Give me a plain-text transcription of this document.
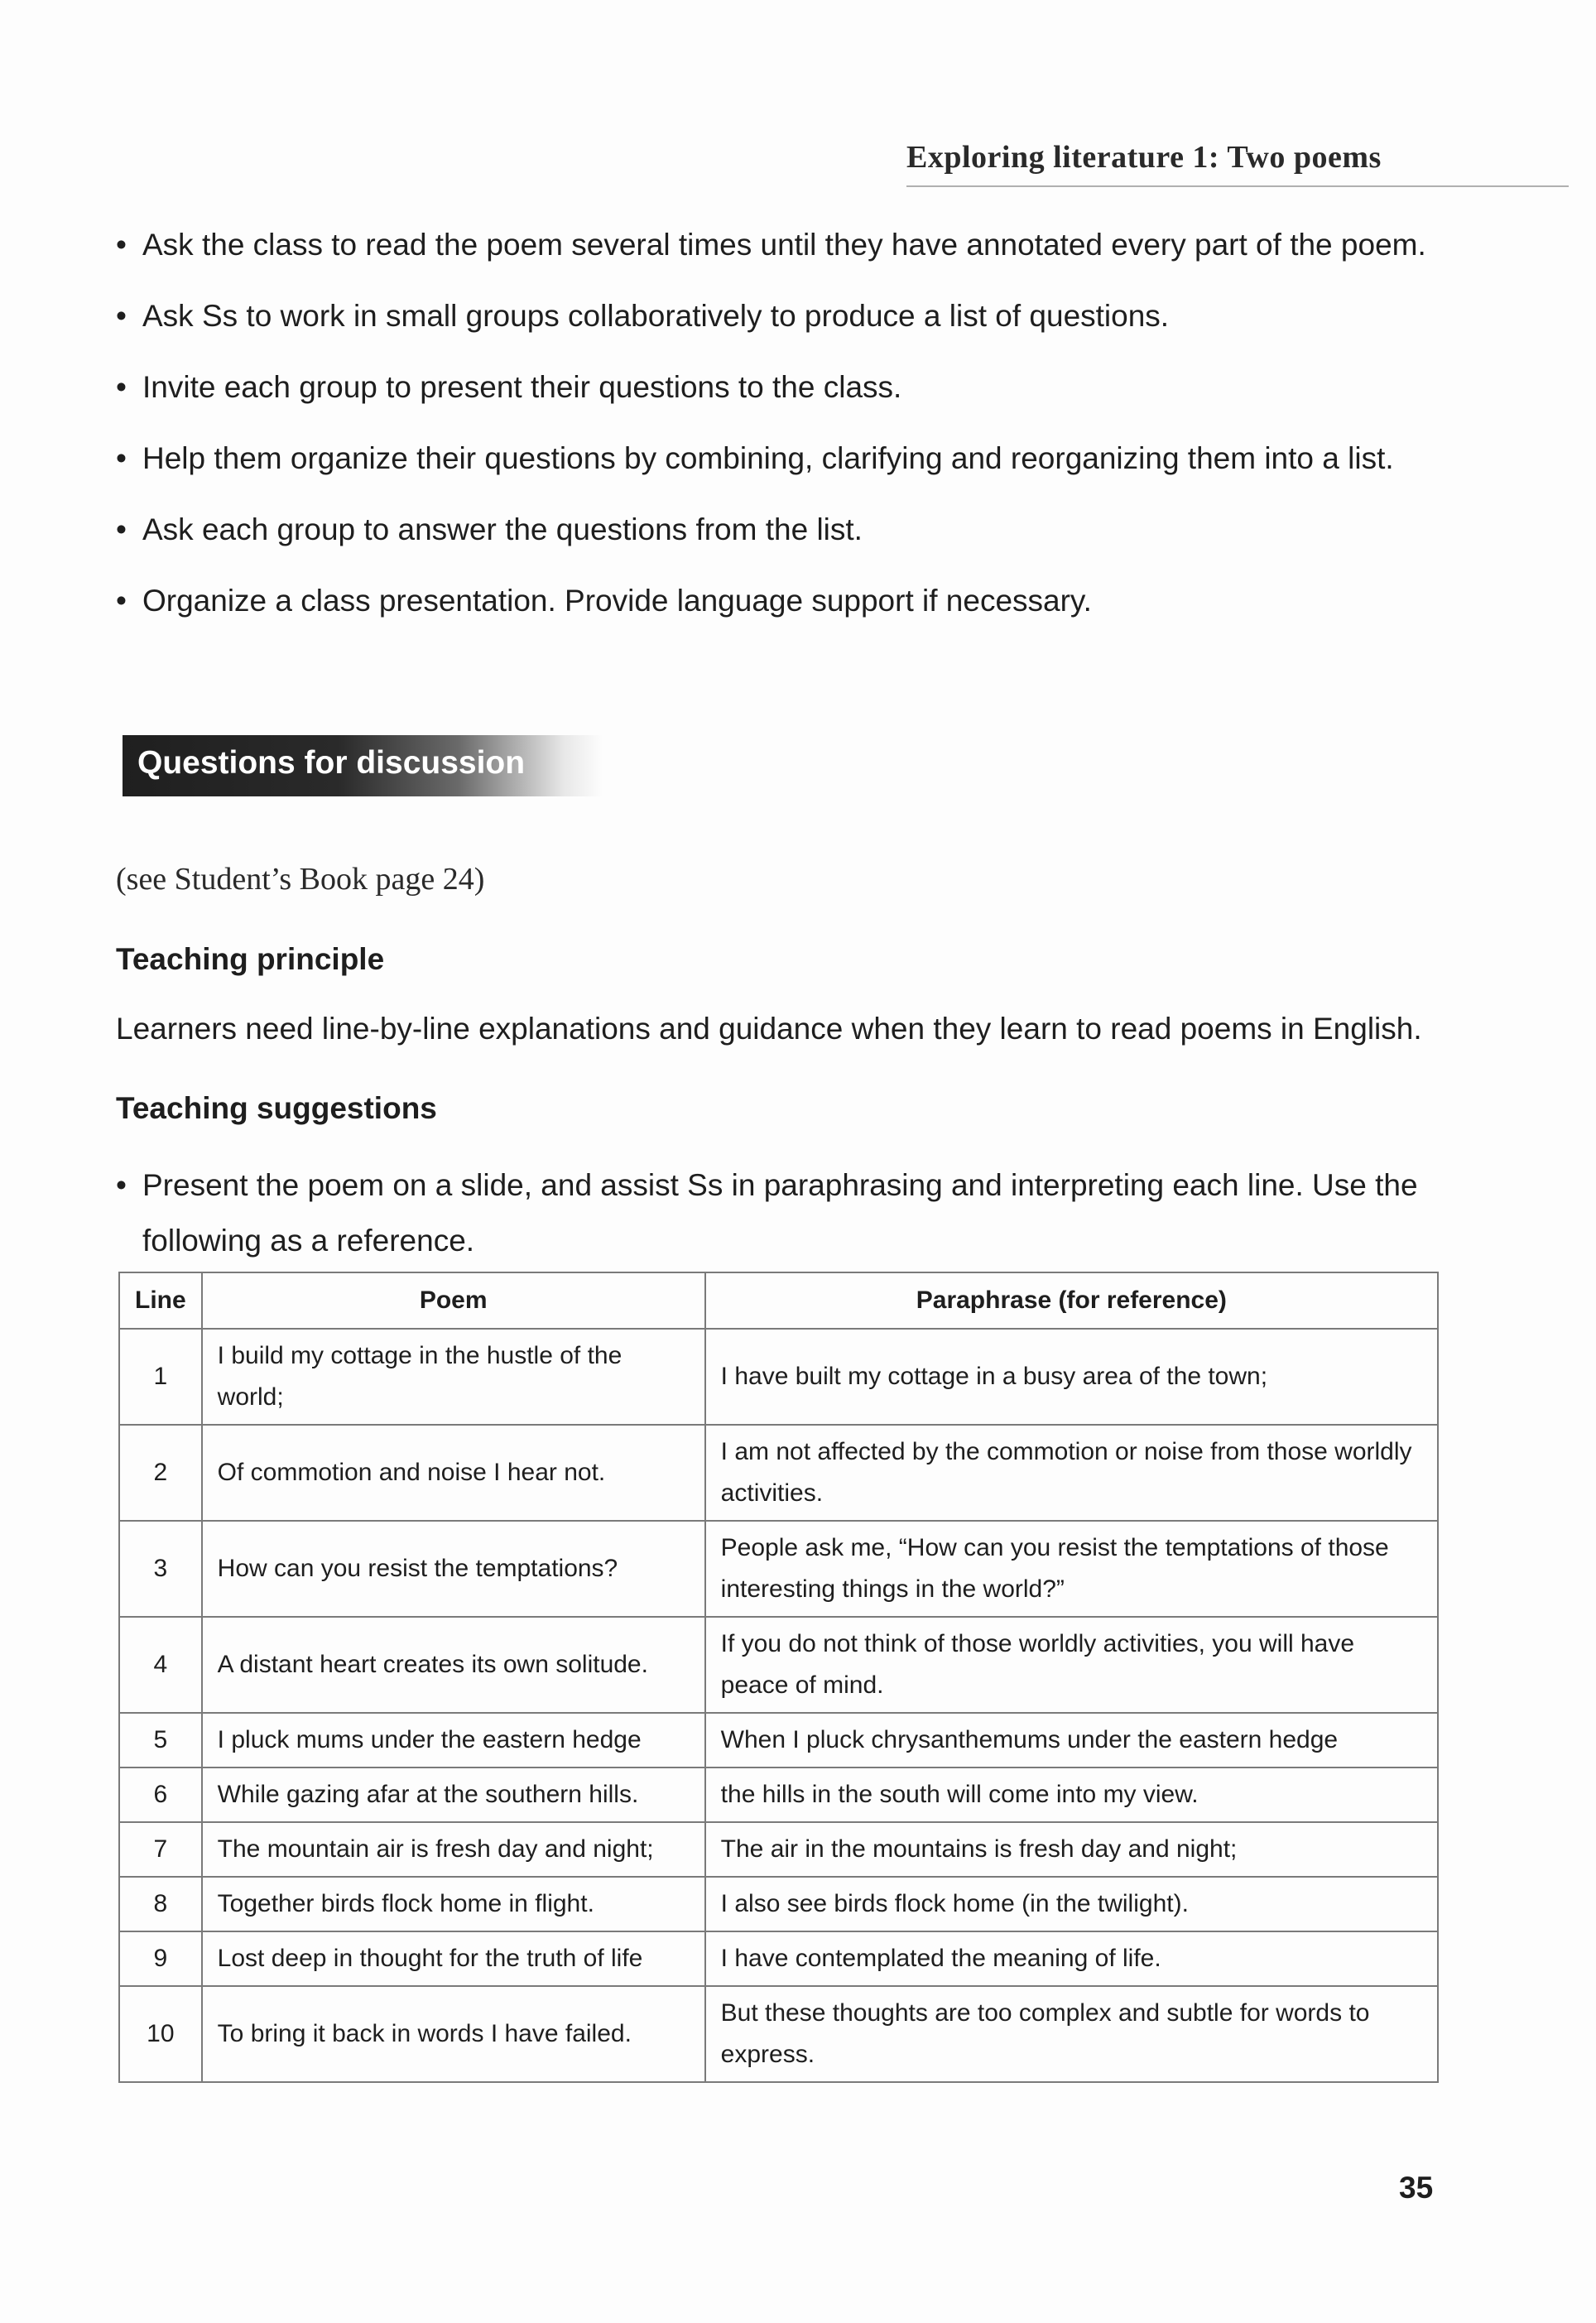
Exploring literature 1: Two poems
• Ask the class to read the poem several times until they have annotated every part of the poem.
• Ask Ss to work in small groups collaboratively to produce a list of questions.
• Invite each group to present their questions to the class.
• Help them organize their questions by combining, clarifying and reorganizing them into a list.
• Ask each group to answer the questions from the list.
• Organize a class presentation. Provide language support if necessary.
Questions for discussion
(see Student’s Book page 24)
Teaching principle
Learners need line-by-line explanations and guidance when they learn to read poems in English.
Teaching suggestions
• Present the poem on a slide, and assist Ss in paraphrasing and interpreting each line. Use the following as a reference.
Line	Poem	Paraphrase (for reference)
1	I build my cottage in the hustle of the world;	I have built my cottage in a busy area of the town;
2	Of commotion and noise I hear not.	I am not affected by the commotion or noise from those worldly activities.
3	How can you resist the temptations?	People ask me, “How can you resist the temptations of those interesting things in the world?”
4	A distant heart creates its own solitude.	If you do not think of those worldly activities, you will have peace of mind.
5	I pluck mums under the eastern hedge	When I pluck chrysanthemums under the eastern hedge
6	While gazing afar at the southern hills.	the hills in the south will come into my view.
7	The mountain air is fresh day and night;	The air in the mountains is fresh day and night;
8	Together birds flock home in flight.	I also see birds flock home (in the twilight).
9	Lost deep in thought for the truth of life	I have contemplated the meaning of life.
10	To bring it back in words I have failed.	But these thoughts are too complex and subtle for words to express.
35
